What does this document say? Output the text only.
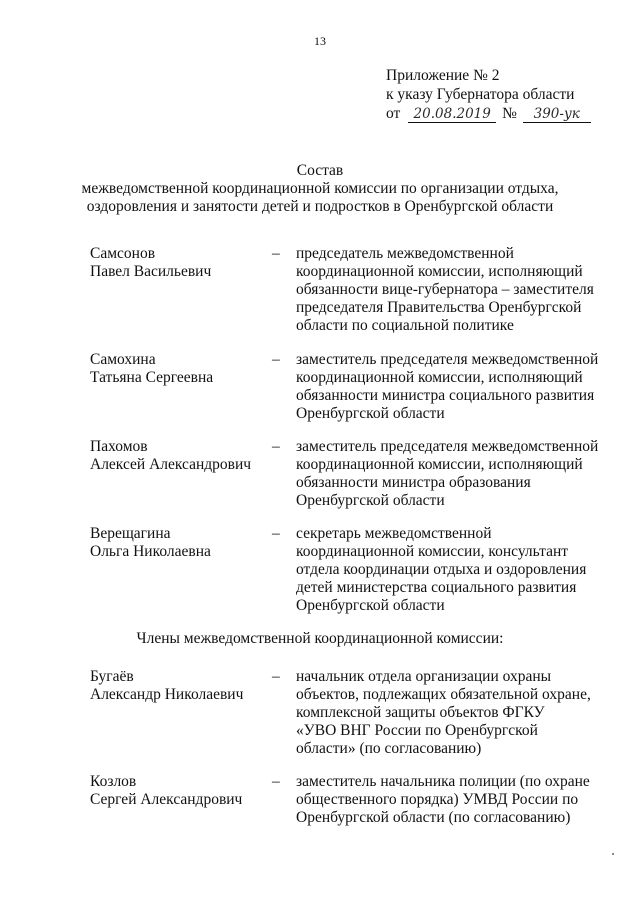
13
Приложение № 2
к указу Губернатора области
от 20.08.2019 № 390-ук
Состав
межведомственной координационной комиссии по организации отдыха,
оздоровления и занятости детей и подростков в Оренбургской области
Самсонов
Павел Васильевич
– председатель межведомственной
координационной комиссии, исполняющий
обязанности вице-губернатора – заместителя
председателя Правительства Оренбургской
области по социальной политике
Самохина
Татьяна Сергеевна
– заместитель председателя межведомственной
координационной комиссии, исполняющий
обязанности министра социального развития
Оренбургской области
Пахомов
Алексей Александрович
– заместитель председателя межведомственной
координационной комиссии, исполняющий
обязанности министра образования
Оренбургской области
Верещагина
Ольга Николаевна
– секретарь межведомственной
координационной комиссии, консультант
отдела координации отдыха и оздоровления
детей министерства социального развития
Оренбургской области
Члены межведомственной координационной комиссии:
Бугаёв
Александр Николаевич
– начальник отдела организации охраны
объектов, подлежащих обязательной охране,
комплексной защиты объектов ФГКУ
«УВО ВНГ России по Оренбургской
области» (по согласованию)
Козлов
Сергей Александрович
– заместитель начальника полиции (по охране
общественного порядка) УМВД России по
Оренбургской области (по согласованию)
